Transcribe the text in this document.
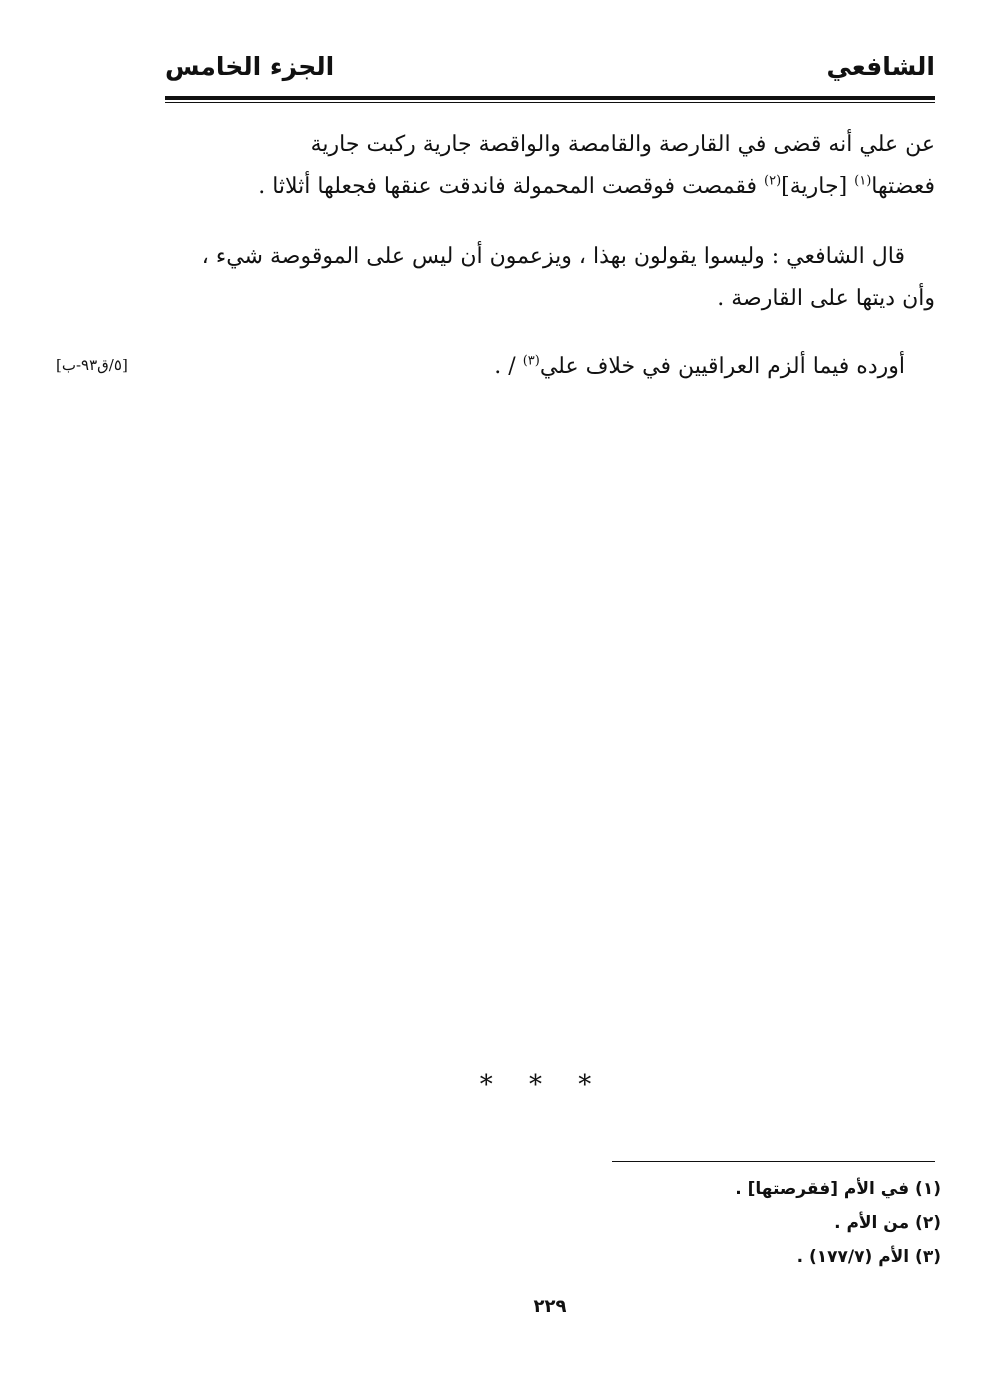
الشافعي
الجزء الخامس

عن علي أنه قضى في القارصة والقامصة والواقصة جارية ركبت جارية
فعضتها$^{(١)}$ [جارية]$^{(٢)}$ فقمصت فوقصت المحمولة فاندقت عنقها فجعلها أثلاثا .

قال الشافعي : وليسوا يقولون بهذا ، ويزعمون أن ليس على الموقوصة شيء ،
وأن ديتها على القارصة .

أورده فيما ألزم العراقيين في خلاف علي$^{(٣)}$ / .

[٥/ق٩٣-ب]
* * *
(١) في الأم [فقرصتها] .
(٢) من الأم .
(٣) الأم (١٧٧/٧) .
٢٢٩
